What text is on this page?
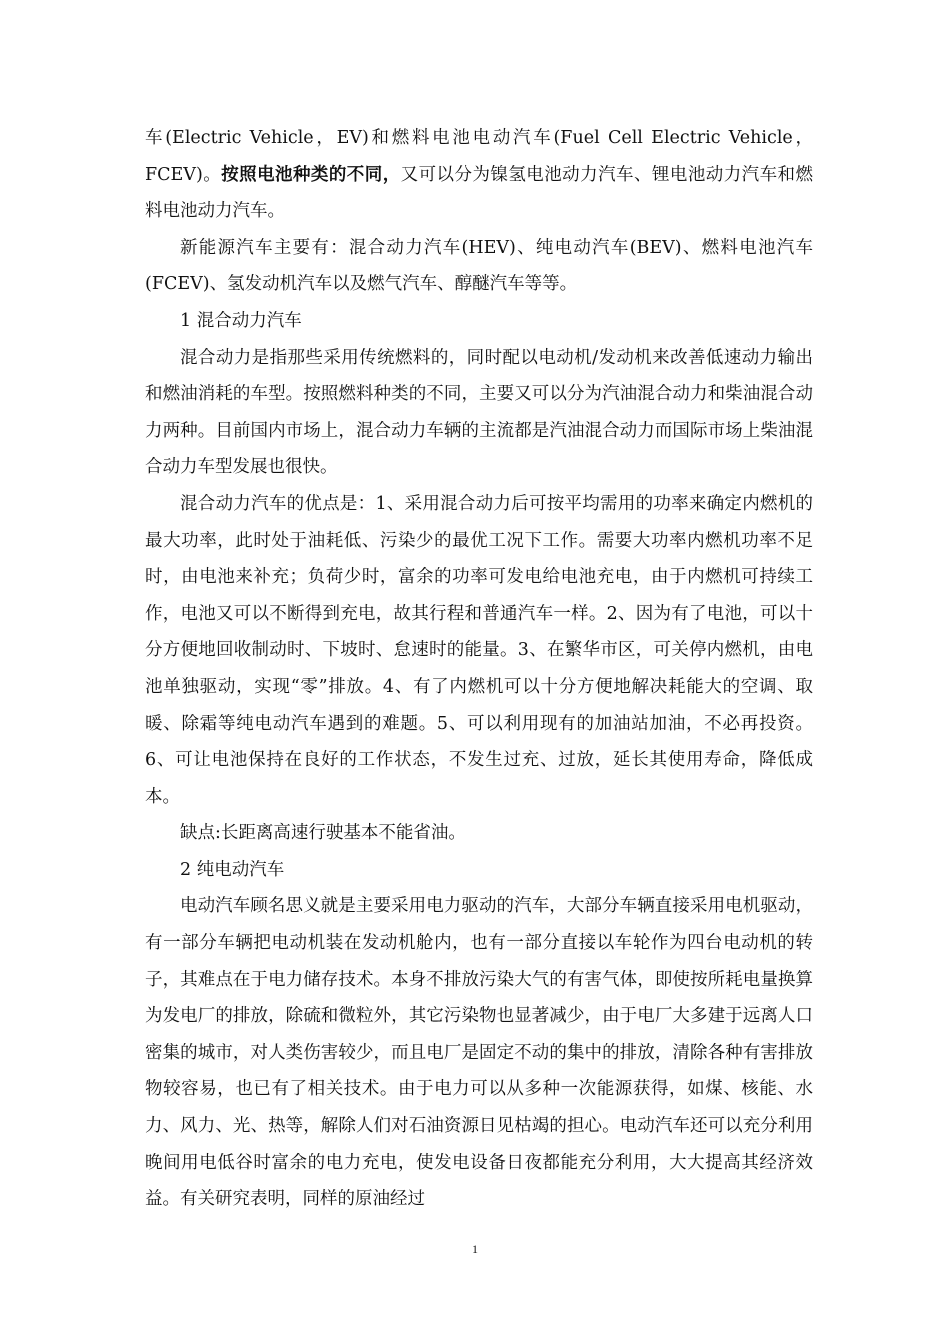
车(Electric Vehicle，EV)和燃料电池电动汽车(Fuel Cell Electric Vehicle，FCEV)。按照电池种类的不同，又可以分为镍氢电池动力汽车、锂电池动力汽车和燃料电池动力汽车。

新能源汽车主要有：混合动力汽车(HEV)、纯电动汽车(BEV)、燃料电池汽车(FCEV)、氢发动机汽车以及燃气汽车、醇醚汽车等等。

1 混合动力汽车

混合动力是指那些采用传统燃料的，同时配以电动机/发动机来改善低速动力输出和燃油消耗的车型。按照燃料种类的不同，主要又可以分为汽油混合动力和柴油混合动力两种。目前国内市场上，混合动力车辆的主流都是汽油混合动力而国际市场上柴油混合动力车型发展也很快。

混合动力汽车的优点是：1、采用混合动力后可按平均需用的功率来确定内燃机的最大功率，此时处于油耗低、污染少的最优工况下工作。需要大功率内燃机功率不足时，由电池来补充；负荷少时，富余的功率可发电给电池充电，由于内燃机可持续工作，电池又可以不断得到充电，故其行程和普通汽车一样。2、因为有了电池，可以十分方便地回收制动时、下坡时、怠速时的能量。3、在繁华市区，可关停内燃机，由电池单独驱动，实现“零”排放。4、有了内燃机可以十分方便地解决耗能大的空调、取暖、除霜等纯电动汽车遇到的难题。5、可以利用现有的加油站加油，不必再投资。6、可让电池保持在良好的工作状态，不发生过充、过放，延长其使用寿命，降低成本。

缺点:长距离高速行驶基本不能省油。

2 纯电动汽车

电动汽车顾名思义就是主要采用电力驱动的汽车，大部分车辆直接采用电机驱动，有一部分车辆把电动机装在发动机舱内，也有一部分直接以车轮作为四台电动机的转子，其难点在于电力储存技术。本身不排放污染大气的有害气体，即使按所耗电量换算为发电厂的排放，除硫和微粒外，其它污染物也显著减少，由于电厂大多建于远离人口密集的城市，对人类伤害较少，而且电厂是固定不动的集中的排放，清除各种有害排放物较容易，也已有了相关技术。由于电力可以从多种一次能源获得，如煤、核能、水力、风力、光、热等，解除人们对石油资源日见枯竭的担心。电动汽车还可以充分利用晚间用电低谷时富余的电力充电，使发电设备日夜都能充分利用，大大提高其经济效益。有关研究表明，同样的原油经过

1
